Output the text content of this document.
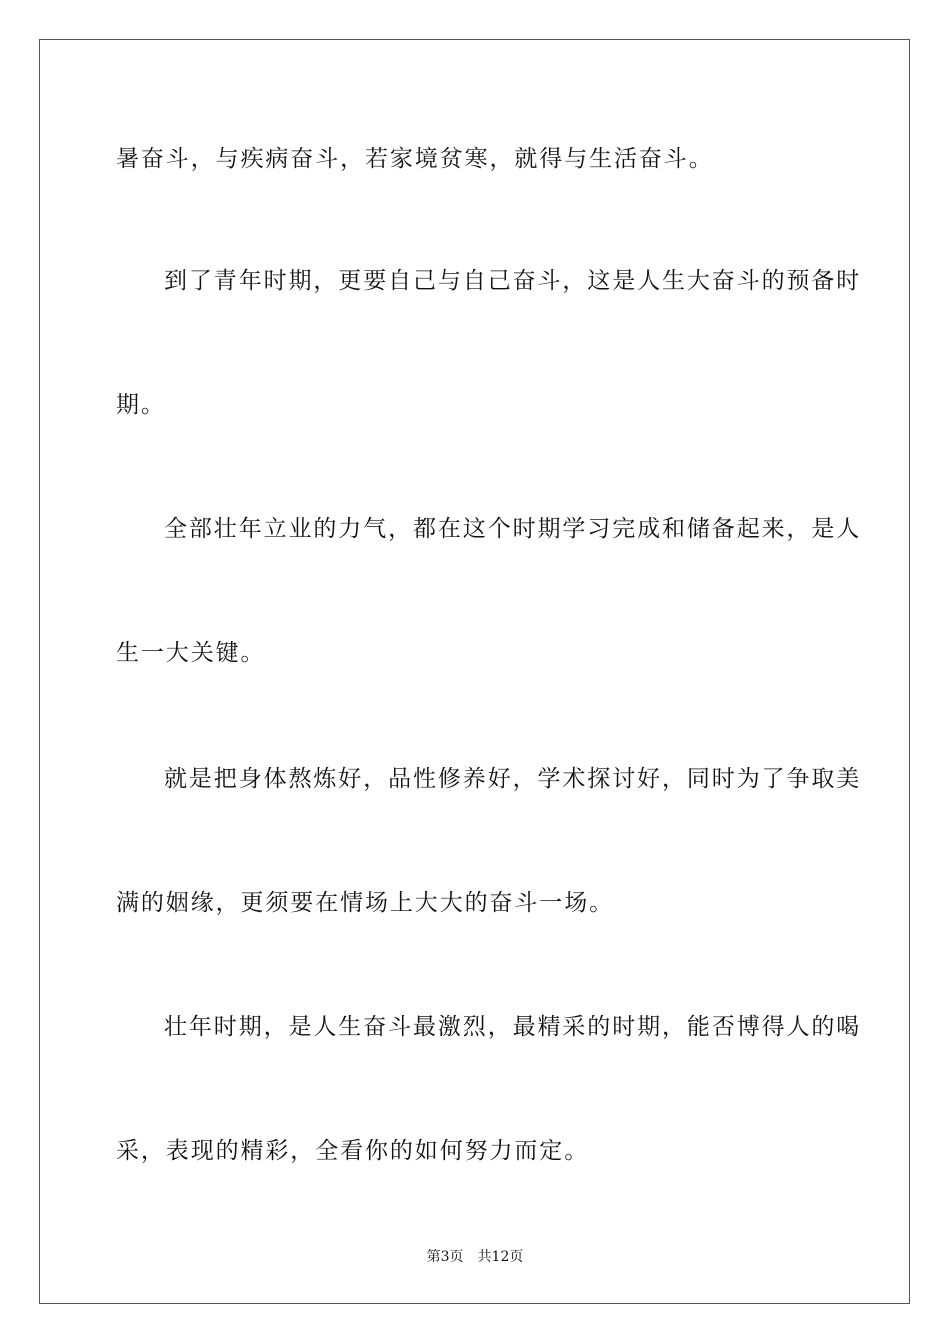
暑奋斗，与疾病奋斗，若家境贫寒，就得与生活奋斗。

到了青年时期，更要自己与自己奋斗，这是人生大奋斗的预备时

期。

全部壮年立业的力气，都在这个时期学习完成和储备起来，是人

生一大关键。

就是把身体熬炼好，品性修养好，学术探讨好，同时为了争取美

满的姻缘，更须要在情场上大大的奋斗一场。

壮年时期，是人生奋斗最激烈，最精采的时期，能否博得人的喝

采，表现的精彩，全看你的如何努力而定。

第3页 共12页
